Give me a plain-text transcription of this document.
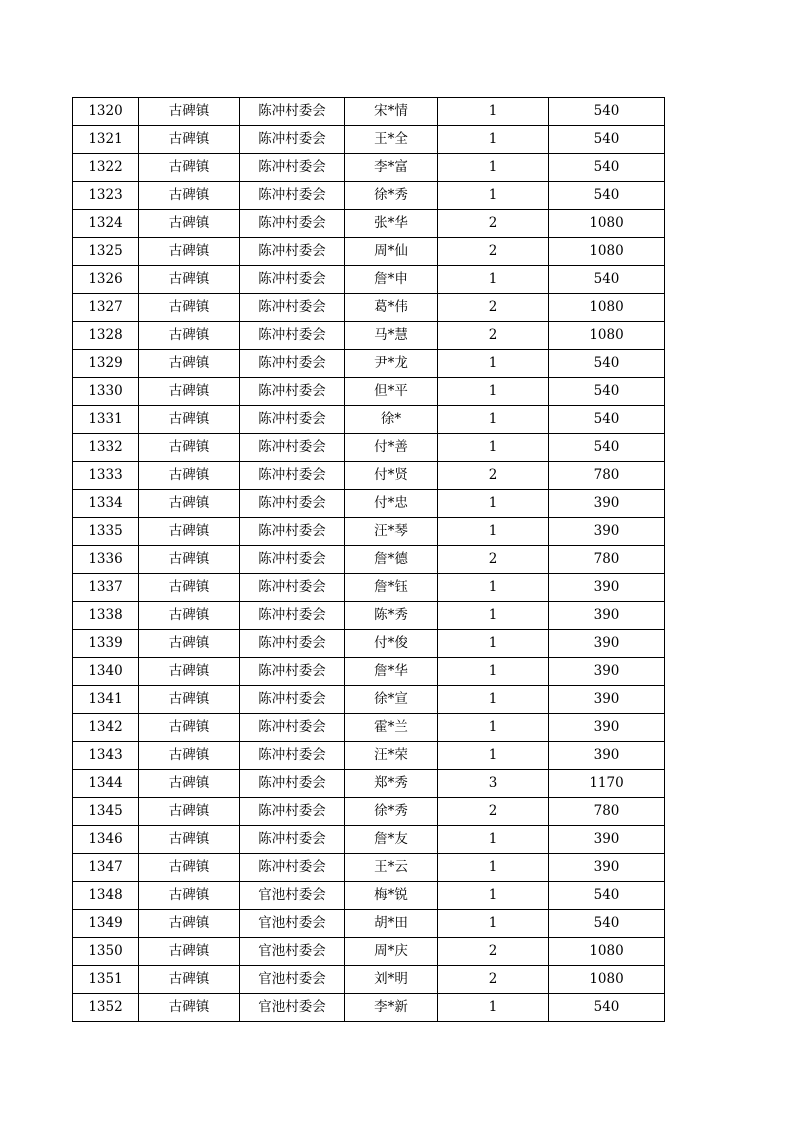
1320	古碑镇	陈冲村委会	宋*情	1	540
1321	古碑镇	陈冲村委会	王*全	1	540
1322	古碑镇	陈冲村委会	李*富	1	540
1323	古碑镇	陈冲村委会	徐*秀	1	540
1324	古碑镇	陈冲村委会	张*华	2	1080
1325	古碑镇	陈冲村委会	周*仙	2	1080
1326	古碑镇	陈冲村委会	詹*申	1	540
1327	古碑镇	陈冲村委会	葛*伟	2	1080
1328	古碑镇	陈冲村委会	马*慧	2	1080
1329	古碑镇	陈冲村委会	尹*龙	1	540
1330	古碑镇	陈冲村委会	但*平	1	540
1331	古碑镇	陈冲村委会	徐*	1	540
1332	古碑镇	陈冲村委会	付*善	1	540
1333	古碑镇	陈冲村委会	付*贤	2	780
1334	古碑镇	陈冲村委会	付*忠	1	390
1335	古碑镇	陈冲村委会	汪*琴	1	390
1336	古碑镇	陈冲村委会	詹*德	2	780
1337	古碑镇	陈冲村委会	詹*钰	1	390
1338	古碑镇	陈冲村委会	陈*秀	1	390
1339	古碑镇	陈冲村委会	付*俊	1	390
1340	古碑镇	陈冲村委会	詹*华	1	390
1341	古碑镇	陈冲村委会	徐*宣	1	390
1342	古碑镇	陈冲村委会	霍*兰	1	390
1343	古碑镇	陈冲村委会	汪*荣	1	390
1344	古碑镇	陈冲村委会	郑*秀	3	1170
1345	古碑镇	陈冲村委会	徐*秀	2	780
1346	古碑镇	陈冲村委会	詹*友	1	390
1347	古碑镇	陈冲村委会	王*云	1	390
1348	古碑镇	官池村委会	梅*锐	1	540
1349	古碑镇	官池村委会	胡*田	1	540
1350	古碑镇	官池村委会	周*庆	2	1080
1351	古碑镇	官池村委会	刘*明	2	1080
1352	古碑镇	官池村委会	李*新	1	540
